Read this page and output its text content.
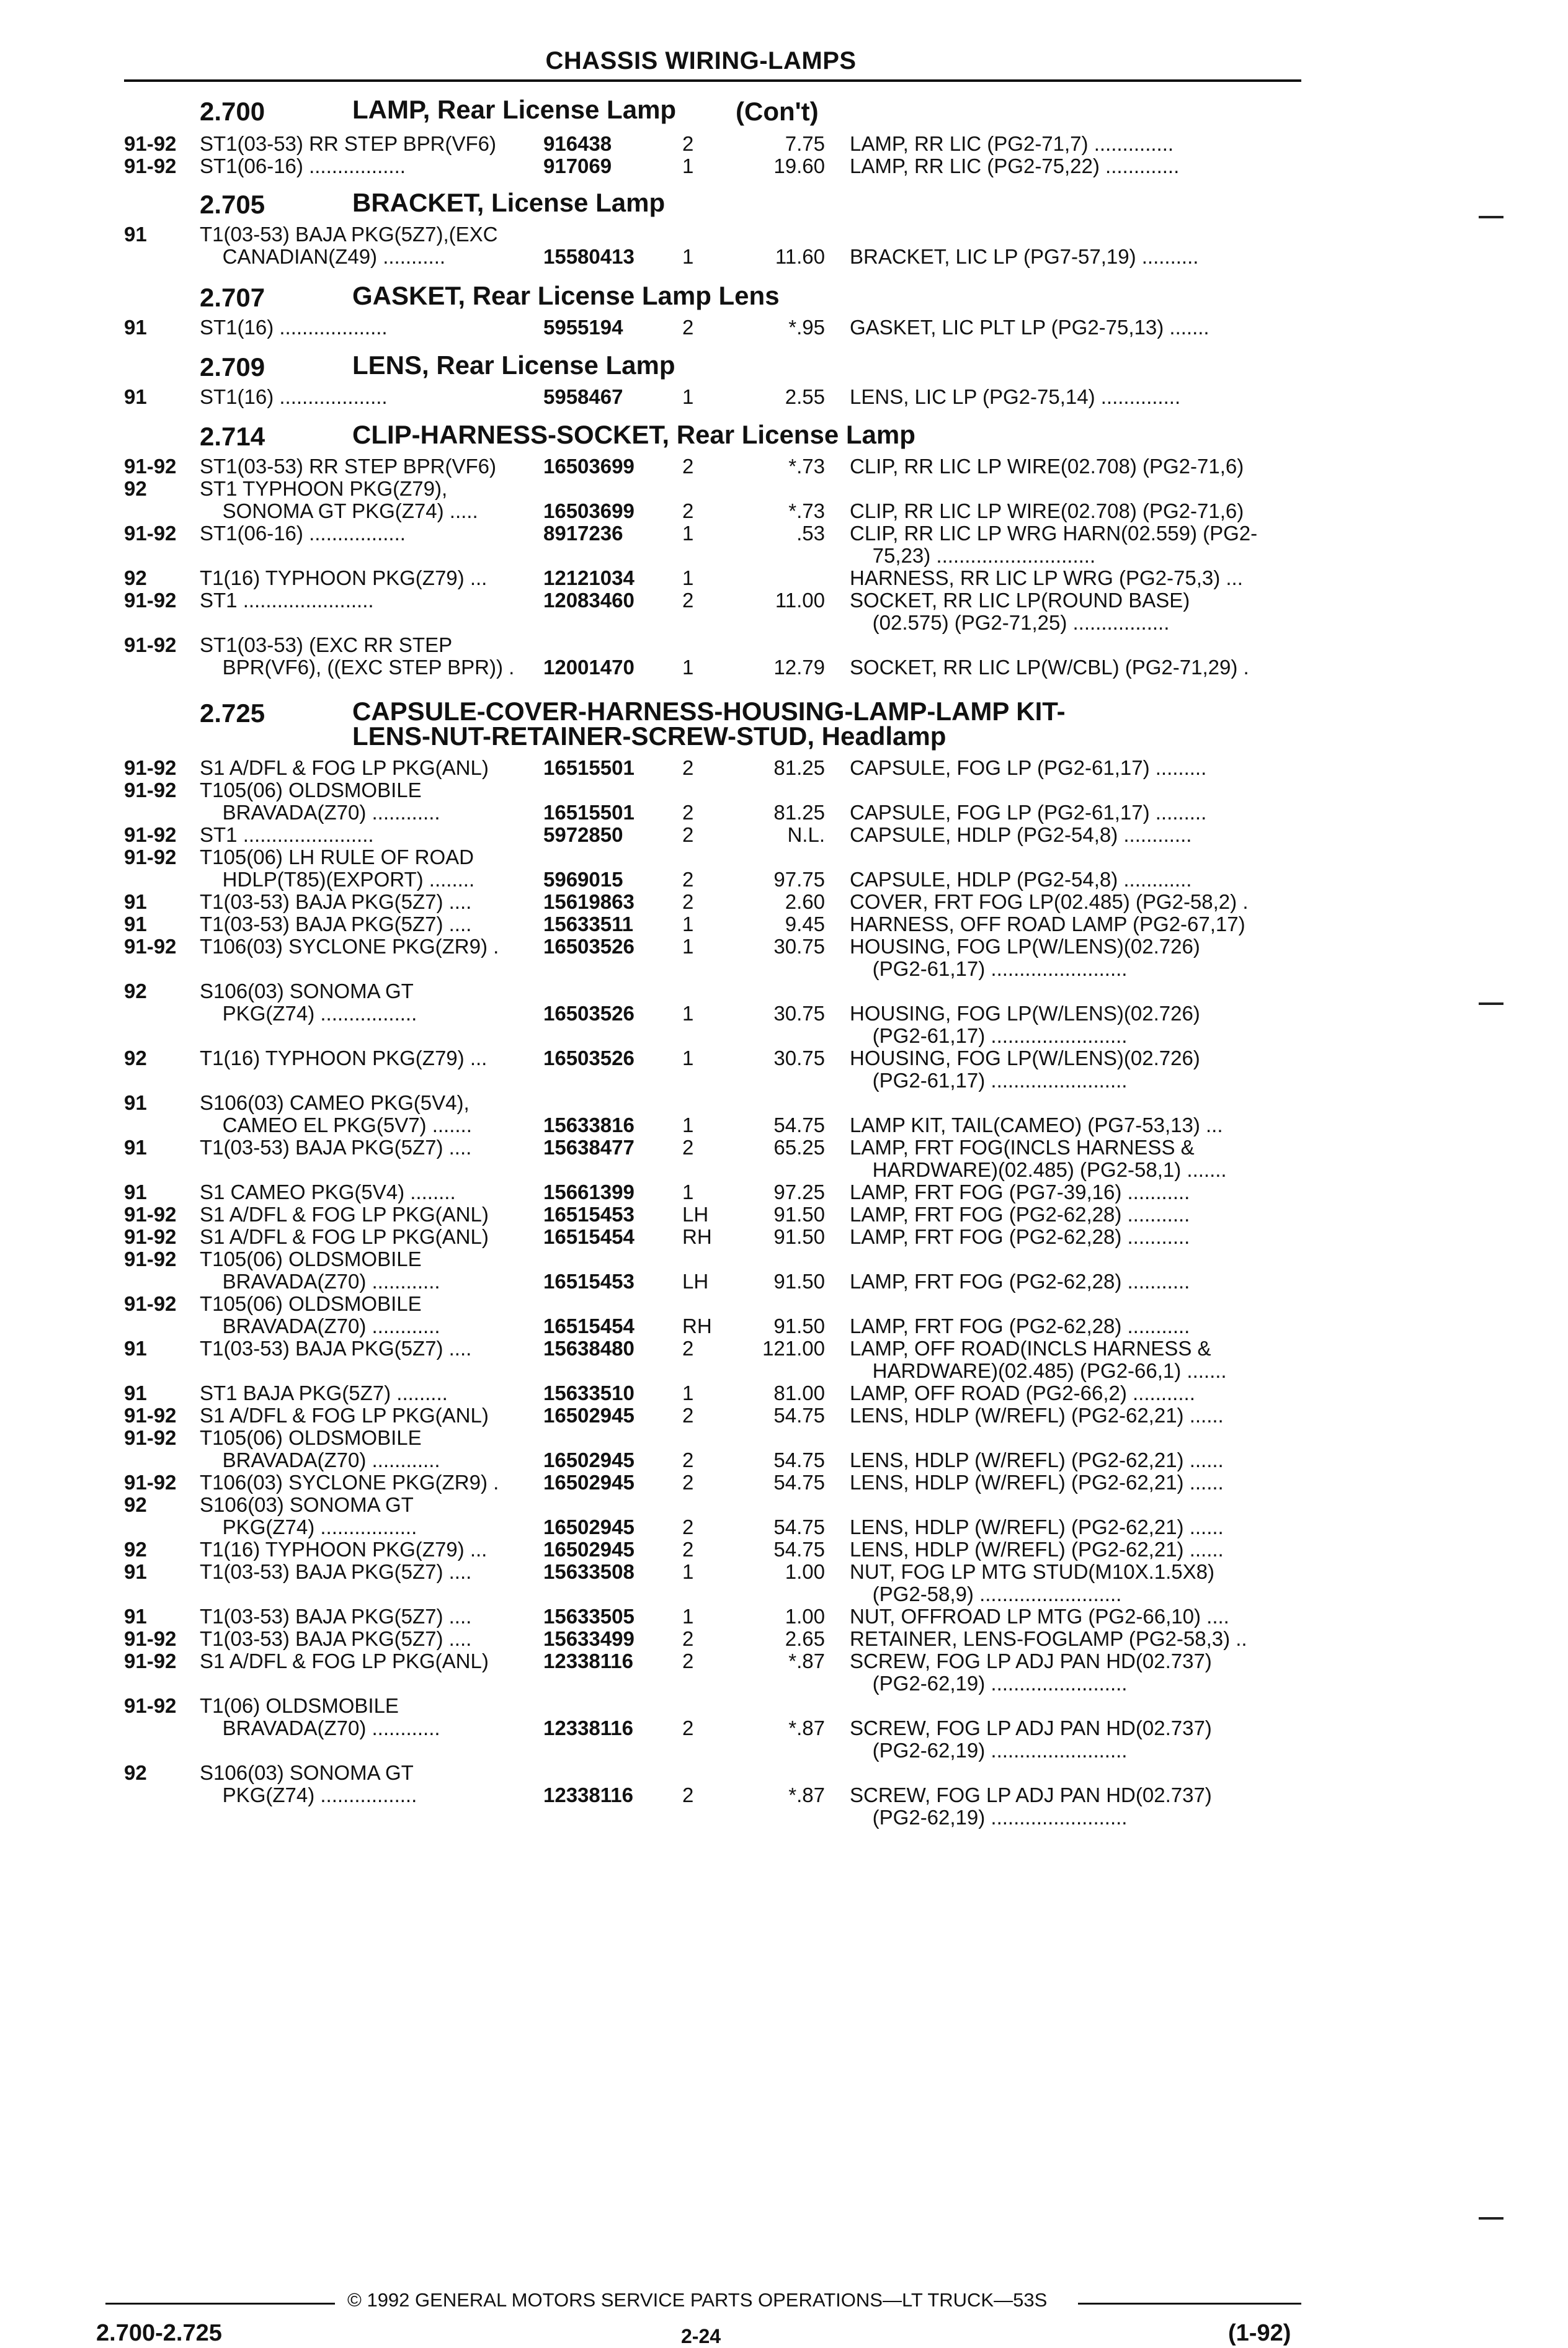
CHASSIS WIRING-LAMPS
2.700	LAMP, Rear License Lamp (Con't)
2.705	BRACKET, License Lamp
2.707	GASKET, Rear License Lamp Lens
2.709	LENS, Rear License Lamp
2.714	CLIP-HARNESS-SOCKET, Rear License Lamp
2.725	CAPSULE-COVER-HARNESS-HOUSING-LAMP-LAMP KIT-
LENS-NUT-RETAINER-SCREW-STUD, Headlamp
91-92 ST1(03-53) RR STEP BPR(VF6) 916438	2	7.75 LAMP, RR LIC (PG2-71,7) ..............
91-92 ST1(06-16) .................	917069	1	19.60 LAMP, RR LIC (PG2-75,22) .............
91	T1(03-53) BAJA PKG(5Z7),(EXC
CANADIAN(Z49) ...........	15580413 1	11.60 BRACKET, LIC LP (PG7-57,19) ..........
91	ST1(16) ...................	5955194	2	*.95 GASKET, LIC PLT LP (PG2-75,13) .......
91	ST1(16) ...................	5958467	1	2.55 LENS, LIC LP (PG2-75,14) ..............
91-92 ST1(03-53) RR STEP BPR(VF6) 16503699 2	*.73 CLIP, RR LIC LP WIRE(02.708) (PG2-71,6)
92	ST1 TYPHOON PKG(Z79),
SONOMA GT PKG(Z74) .....	16503699 2	*.73 CLIP, RR LIC LP WIRE(02.708) (PG2-71,6)
91-92 ST1(06-16) .................	8917236	1	.53 CLIP, RR LIC LP WRG HARN(02.559) (PG2-
75,23) ............................
92	T1(16) TYPHOON PKG(Z79) ...	12121034 1	HARNESS, RR LIC LP WRG (PG2-75,3) ...
91-92 ST1 .......................	12083460 2	11.00 SOCKET, RR LIC LP(ROUND BASE)
(02.575) (PG2-71,25) .................
91-92 ST1(03-53) (EXC RR STEP
BPR(VF6), ((EXC STEP BPR)) . 12001470 1	12.79 SOCKET, RR LIC LP(W/CBL) (PG2-71,29) .
91-92 S1 A/DFL & FOG LP PKG(ANL)	16515501 2	81.25 CAPSULE, FOG LP (PG2-61,17) .........
91-92 T105(06) OLDSMOBILE
BRAVADA(Z70) ............	16515501 2	81.25 CAPSULE, FOG LP (PG2-61,17) .........
91-92 ST1 .......................	5972850	2	N.L. CAPSULE, HDLP (PG2-54,8) ............
91-92 T105(06) LH RULE OF ROAD
HDLP(T85)(EXPORT) ........	5969015	2	97.75 CAPSULE, HDLP (PG2-54,8) ............
91	T1(03-53) BAJA PKG(5Z7) ....	15619863 2	2.60 COVER, FRT FOG LP(02.485) (PG2-58,2) .
91	T1(03-53) BAJA PKG(5Z7) ....	15633511 1	9.45 HARNESS, OFF ROAD LAMP (PG2-67,17)
91-92 T106(03) SYCLONE PKG(ZR9) . 16503526 1	30.75 HOUSING, FOG LP(W/LENS)(02.726)
(PG2-61,17) ........................
92	S106(03) SONOMA GT
PKG(Z74) .................	16503526 1	30.75 HOUSING, FOG LP(W/LENS)(02.726)
(PG2-61,17) ........................
92	T1(16) TYPHOON PKG(Z79) ...	16503526 1	30.75 HOUSING, FOG LP(W/LENS)(02.726)
(PG2-61,17) ........................
91	S106(03) CAMEO PKG(5V4),
CAMEO EL PKG(5V7) .......	15633816 1	54.75 LAMP KIT, TAIL(CAMEO) (PG7-53,13) ...
91	T1(03-53) BAJA PKG(5Z7) ....	15638477 2	65.25 LAMP, FRT FOG(INCLS HARNESS &
HARDWARE)(02.485) (PG2-58,1) .......
91	S1 CAMEO PKG(5V4) ........	15661399 1	97.25 LAMP, FRT FOG (PG7-39,16) ...........
91-92 S1 A/DFL & FOG LP PKG(ANL)	16515453 LH	91.50 LAMP, FRT FOG (PG2-62,28) ...........
91-92 S1 A/DFL & FOG LP PKG(ANL)	16515454 RH	91.50 LAMP, FRT FOG (PG2-62,28) ...........
91-92 T105(06) OLDSMOBILE
BRAVADA(Z70) ............	16515453 LH	91.50 LAMP, FRT FOG (PG2-62,28) ...........
91-92 T105(06) OLDSMOBILE
BRAVADA(Z70) ............	16515454 RH	91.50 LAMP, FRT FOG (PG2-62,28) ...........
91	T1(03-53) BAJA PKG(5Z7) ....	15638480 2	121.00 LAMP, OFF ROAD(INCLS HARNESS &
HARDWARE)(02.485) (PG2-66,1) .......
91	ST1 BAJA PKG(5Z7) .........	15633510 1	81.00 LAMP, OFF ROAD (PG2-66,2) ...........
91-92 S1 A/DFL & FOG LP PKG(ANL)	16502945 2	54.75 LENS, HDLP (W/REFL) (PG2-62,21) ......
91-92 T105(06) OLDSMOBILE
BRAVADA(Z70) ............	16502945 2	54.75 LENS, HDLP (W/REFL) (PG2-62,21) ......
91-92 T106(03) SYCLONE PKG(ZR9) . 16502945 2	54.75 LENS, HDLP (W/REFL) (PG2-62,21) ......
92	S106(03) SONOMA GT
PKG(Z74) .................	16502945 2	54.75 LENS, HDLP (W/REFL) (PG2-62,21) ......
92	T1(16) TYPHOON PKG(Z79) ...	16502945 2	54.75 LENS, HDLP (W/REFL) (PG2-62,21) ......
91	T1(03-53) BAJA PKG(5Z7) ....	15633508 1	1.00 NUT, FOG LP MTG STUD(M10X.1.5X8)
(PG2-58,9) .........................
91	T1(03-53) BAJA PKG(5Z7) ....	15633505 1	1.00 NUT, OFFROAD LP MTG (PG2-66,10) ....
91-92 T1(03-53) BAJA PKG(5Z7) ....	15633499 2	2.65 RETAINER, LENS-FOGLAMP (PG2-58,3) ..
91-92 S1 A/DFL & FOG LP PKG(ANL)	12338116 2	*.87 SCREW, FOG LP ADJ PAN HD(02.737)
(PG2-62,19) ........................
91-92 T1(06) OLDSMOBILE
BRAVADA(Z70) ............	12338116 2	*.87 SCREW, FOG LP ADJ PAN HD(02.737)
(PG2-62,19) ........................
92	S106(03) SONOMA GT
PKG(Z74) .................	12338116 2	*.87 SCREW, FOG LP ADJ PAN HD(02.737)
(PG2-62,19) ........................
© 1992 GENERAL MOTORS SERVICE PARTS OPERATIONS—LT TRUCK—53S
2.700-2.725	2-24	(1-92)
